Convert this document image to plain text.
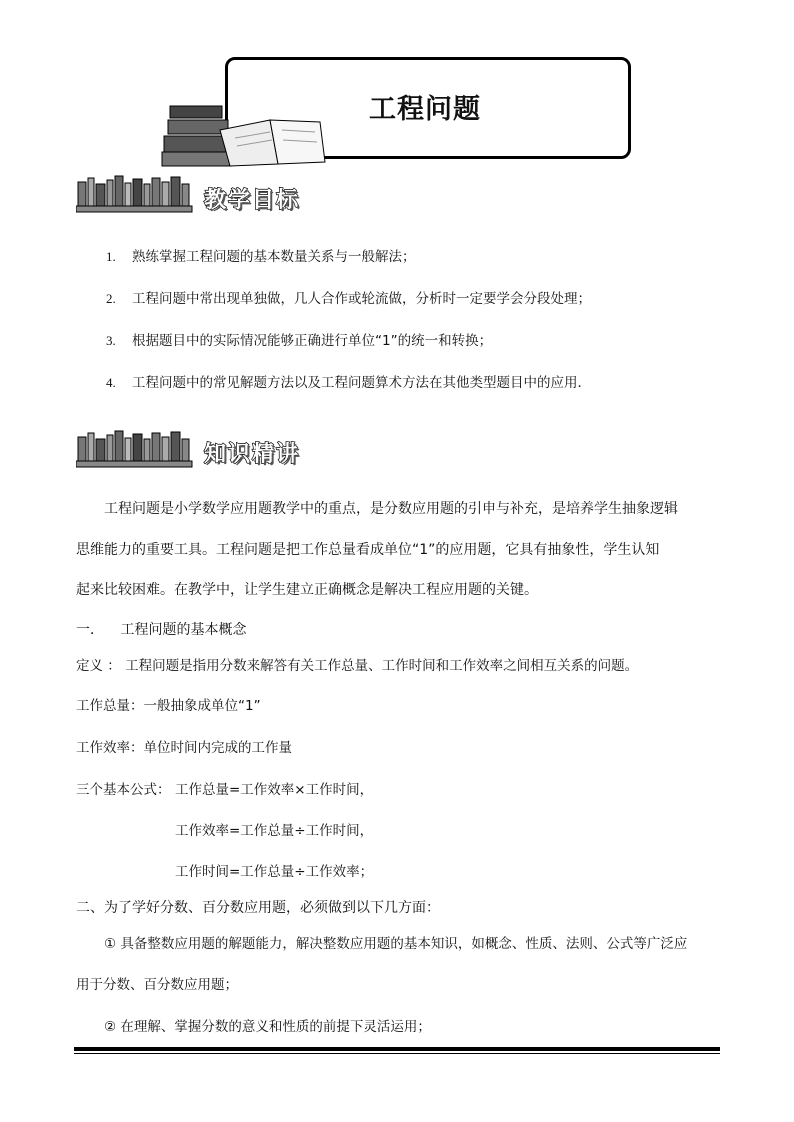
工程问题
教学目标
1. 熟练掌握工程问题的基本数量关系与一般解法；
2. 工程问题中常出现单独做，几人合作或轮流做，分析时一定要学会分段处理；
3. 根据题目中的实际情况能够正确进行单位“1”的统一和转换；
4. 工程问题中的常见解题方法以及工程问题算术方法在其他类型题目中的应用．
知识精讲
工程问题是小学数学应用题教学中的重点，是分数应用题的引申与补充，是培养学生抽象逻辑
思维能力的重要工具。工程问题是把工作总量看成单位“1”的应用题，它具有抽象性，学生认知
起来比较困难。在教学中，让学生建立正确概念是解决工程应用题的关键。
一． 工程问题的基本概念
定义 ： 工程问题是指用分数来解答有关工作总量、工作时间和工作效率之间相互关系的问题。
工作总量：一般抽象成单位“1”
工作效率：单位时间内完成的工作量
三个基本公式： 工作总量=工作效率×工作时间，
工作效率=工作总量÷工作时间，
工作时间=工作总量÷工作效率；
二、为了学好分数、百分数应用题，必须做到以下几方面：
① 具备整数应用题的解题能力，解决整数应用题的基本知识，如概念、性质、法则、公式等广泛应
用于分数、百分数应用题；
② 在理解、掌握分数的意义和性质的前提下灵活运用；
